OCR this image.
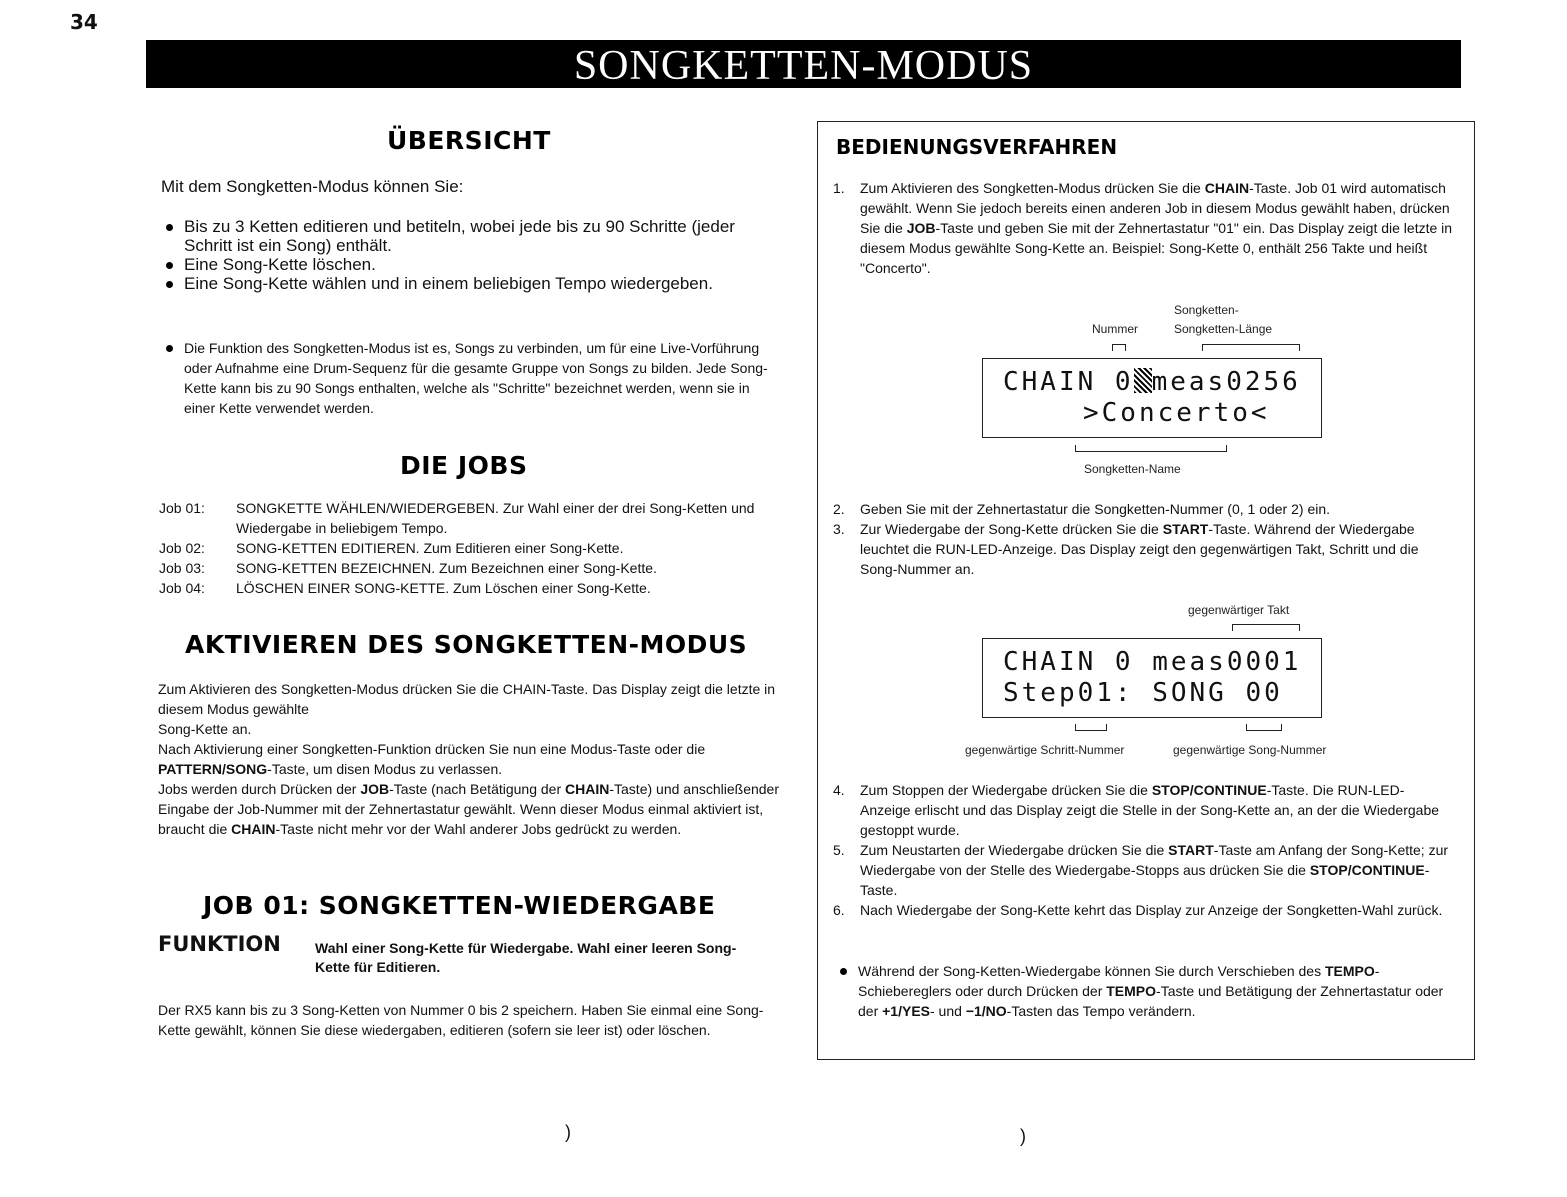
34
SONGKETTEN-MODUS
ÜBERSICHT
Mit dem Songketten-Modus können Sie:
Bis zu 3 Ketten editieren und betiteln, wobei jede bis zu 90 Schritte (jeder Schritt ist ein Song) enthält.
Eine Song-Kette löschen.
Eine Song-Kette wählen und in einem beliebigen Tempo wiedergeben.
Die Funktion des Songketten-Modus ist es, Songs zu verbinden, um für eine Live-Vorführung oder Aufnahme eine Drum-Sequenz für die gesamte Gruppe von Songs zu bilden. Jede Song-Kette kann bis zu 90 Songs enthalten, welche als "Schritte" bezeichnet werden, wenn sie in einer Kette verwendet werden.
DIE JOBS
Job 01:	SONGKETTE WÄHLEN/WIEDERGEBEN. Zur Wahl einer der drei Song-Ketten und Wiedergabe in beliebigem Tempo.
Job 02:	SONG-KETTEN EDITIEREN. Zum Editieren einer Song-Kette.
Job 03:	SONG-KETTEN BEZEICHNEN. Zum Bezeichnen einer Song-Kette.
Job 04:	LÖSCHEN EINER SONG-KETTE. Zum Löschen einer Song-Kette.
AKTIVIEREN DES SONGKETTEN-MODUS
Zum Aktivieren des Songketten-Modus drücken Sie die CHAIN-Taste. Das Display zeigt die letzte in diesem Modus gewählte
Song-Kette an.
Nach Aktivierung einer Songketten-Funktion drücken Sie nun eine Modus-Taste oder die PATTERN/SONG-Taste, um disen Modus zu verlassen.
Jobs werden durch Drücken der JOB-Taste (nach Betätigung der CHAIN-Taste) und anschließender Eingabe der Job-Nummer mit der Zehnertastatur gewählt. Wenn dieser Modus einmal aktiviert ist, braucht die CHAIN-Taste nicht mehr vor der Wahl anderer Jobs gedrückt zu werden.
JOB 01: SONGKETTEN-WIEDERGABE
FUNKTION Wahl einer Song-Kette für Wiedergabe. Wahl einer leeren Song-Kette für Editieren.
Der RX5 kann bis zu 3 Song-Ketten von Nummer 0 bis 2 speichern. Haben Sie einmal eine Song-Kette gewählt, können Sie diese wiedergaben, editieren (sofern sie leer ist) oder löschen.
BEDIENUNGSVERFAHREN
1. Zum Aktivieren des Songketten-Modus drücken Sie die CHAIN-Taste. Job 01 wird automatisch gewählt. Wenn Sie jedoch bereits einen anderen Job in diesem Modus gewählt haben, drücken Sie die JOB-Taste und geben Sie mit der Zehnertastatur "01" ein. Das Display zeigt die letzte in diesem Modus gewählte Song-Kette an. Beispiel: Song-Kette 0, enthält 256 Takte und heißt "Concerto".
Songketten-
Nummer	Songketten-Länge
CHAIN 0 meas0256
>Concerto<
Songketten-Name
2. Geben Sie mit der Zehnertastatur die Songketten-Nummer (0, 1 oder 2) ein.
3. Zur Wiedergabe der Song-Kette drücken Sie die START-Taste. Während der Wiedergabe leuchtet die RUN-LED-Anzeige. Das Display zeigt den gegenwärtigen Takt, Schritt und die Song-Nummer an.
gegenwärtiger Takt
CHAIN 0 meas0001
Step01: SONG 00
gegenwärtige Schritt-Nummer	gegenwärtige Song-Nummer
4. Zum Stoppen der Wiedergabe drücken Sie die STOP/CONTINUE-Taste. Die RUN-LED-Anzeige erlischt und das Display zeigt die Stelle in der Song-Kette an, an der die Wiedergabe gestoppt wurde.
5. Zum Neustarten der Wiedergabe drücken Sie die START-Taste am Anfang der Song-Kette; zur Wiedergabe von der Stelle des Wiedergabe-Stopps aus drücken Sie die STOP/CONTINUE-Taste.
6. Nach Wiedergabe der Song-Kette kehrt das Display zur Anzeige der Songketten-Wahl zurück.
Während der Song-Ketten-Wiedergabe können Sie durch Verschieben des TEMPO-Schiebereglers oder durch Drücken der TEMPO-Taste und Betätigung der Zehnertastatur oder der +1/YES- und −1/NO-Tasten das Tempo verändern.
)	)
